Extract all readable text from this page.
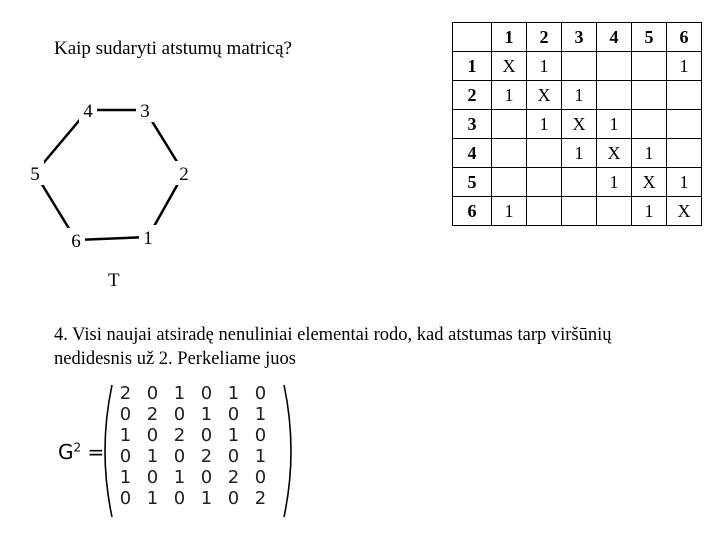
Kaip sudaryti atstumų matricą?
4	3
5	2
6	1
T
	1	2	3	4	5	6
1	X	1				1
2	1	X	1			
3		1	X	1		
4			1	X	1	
5				1	X	1
6	1				1	X
4. Visi naujai atsiradę nenuliniai elementai rodo, kad atstumas tarp viršūnių
nedidesnis už 2. Perkeliame juos
$G^2$ =
2 0 1 0 1 0
0 2 0 1 0 1
1 0 2 0 1 0
0 1 0 2 0 1
1 0 1 0 2 0
0 1 0 1 0 2
